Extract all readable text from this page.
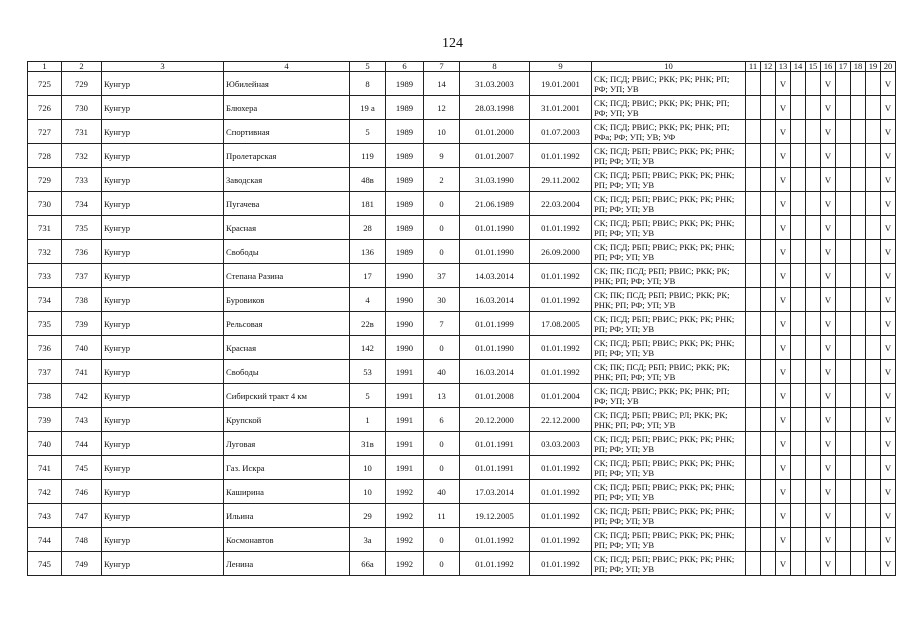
124
1	2	3	4	5	6	7	8	9	10	11	12	13	14	15	16	17	18	19	20
725	729	Кунгур	Юбилейная	8	1989	14	31.03.2003	19.01.2001	СК; ПСД; РВИС; РКК; РК; РНК; РП; РФ; УП; УВ			V			V				V
726	730	Кунгур	Блюхера	19 а	1989	12	28.03.1998	31.01.2001	СК; ПСД; РВИС; РКК; РК; РНК; РП; РФ; УП; УВ			V			V				V
727	731	Кунгур	Спортивная	5	1989	10	01.01.2000	01.07.2003	СК; ПСД; РВИС; РКК; РК; РНК; РП; РФа; РФ; УП; УВ; УФ			V			V				V
728	732	Кунгур	Пролетарская	119	1989	9	01.01.2007	01.01.1992	СК; ПСД; РБП; РВИС; РКК; РК; РНК; РП; РФ; УП; УВ			V			V				V
729	733	Кунгур	Заводская	48в	1989	2	31.03.1990	29.11.2002	СК; ПСД; РБП; РВИС; РКК; РК; РНК; РП; РФ; УП; УВ			V			V				V
730	734	Кунгур	Пугачева	181	1989	0	21.06.1989	22.03.2004	СК; ПСД; РБП; РВИС; РКК; РК; РНК; РП; РФ; УП; УВ			V			V				V
731	735	Кунгур	Красная	28	1989	0	01.01.1990	01.01.1992	СК; ПСД; РБП; РВИС; РКК; РК; РНК; РП; РФ; УП; УВ			V			V				V
732	736	Кунгур	Свободы	136	1989	0	01.01.1990	26.09.2000	СК; ПСД; РБП; РВИС; РКК; РК; РНК; РП; РФ; УП; УВ			V			V				V
733	737	Кунгур	Степана Разина	17	1990	37	14.03.2014	01.01.1992	СК; ПК; ПСД; РБП; РВИС; РКК; РК; РНК; РП; РФ; УП; УВ			V			V				V
734	738	Кунгур	Буровиков	4	1990	30	16.03.2014	01.01.1992	СК; ПК; ПСД; РБП; РВИС; РКК; РК; РНК; РП; РФ; УП; УВ			V			V				V
735	739	Кунгур	Рельсовая	22в	1990	7	01.01.1999	17.08.2005	СК; ПСД; РБП; РВИС; РКК; РК; РНК; РП; РФ; УП; УВ			V			V				V
736	740	Кунгур	Красная	142	1990	0	01.01.1990	01.01.1992	СК; ПСД; РБП; РВИС; РКК; РК; РНК; РП; РФ; УП; УВ			V			V				V
737	741	Кунгур	Свободы	53	1991	40	16.03.2014	01.01.1992	СК; ПК; ПСД; РБП; РВИС; РКК; РК; РНК; РП; РФ; УП; УВ			V			V				V
738	742	Кунгур	Сибирский тракт 4 км	5	1991	13	01.01.2008	01.01.2004	СК; ПСД; РВИС; РКК; РК; РНК; РП; РФ; УП; УВ			V			V				V
739	743	Кунгур	Крупской	1	1991	6	20.12.2000	22.12.2000	СК; ПСД; РБП; РВИС; РЛ; РКК; РК; РНК; РП; РФ; УП; УВ			V			V				V
740	744	Кунгур	Луговая	31в	1991	0	01.01.1991	03.03.2003	СК; ПСД; РБП; РВИС; РКК; РК; РНК; РП; РФ; УП; УВ			V			V				V
741	745	Кунгур	Газ. Искра	10	1991	0	01.01.1991	01.01.1992	СК; ПСД; РБП; РВИС; РКК; РК; РНК; РП; РФ; УП; УВ			V			V				V
742	746	Кунгур	Каширина	10	1992	40	17.03.2014	01.01.1992	СК; ПСД; РБП; РВИС; РКК; РК; РНК; РП; РФ; УП; УВ			V			V				V
743	747	Кунгур	Ильина	29	1992	11	19.12.2005	01.01.1992	СК; ПСД; РБП; РВИС; РКК; РК; РНК; РП; РФ; УП; УВ			V			V				V
744	748	Кунгур	Космонавтов	3а	1992	0	01.01.1992	01.01.1992	СК; ПСД; РБП; РВИС; РКК; РК; РНК; РП; РФ; УП; УВ			V			V				V
745	749	Кунгур	Ленина	66а	1992	0	01.01.1992	01.01.1992	СК; ПСД; РБП; РВИС; РКК; РК; РНК; РП; РФ; УП; УВ			V			V				V
